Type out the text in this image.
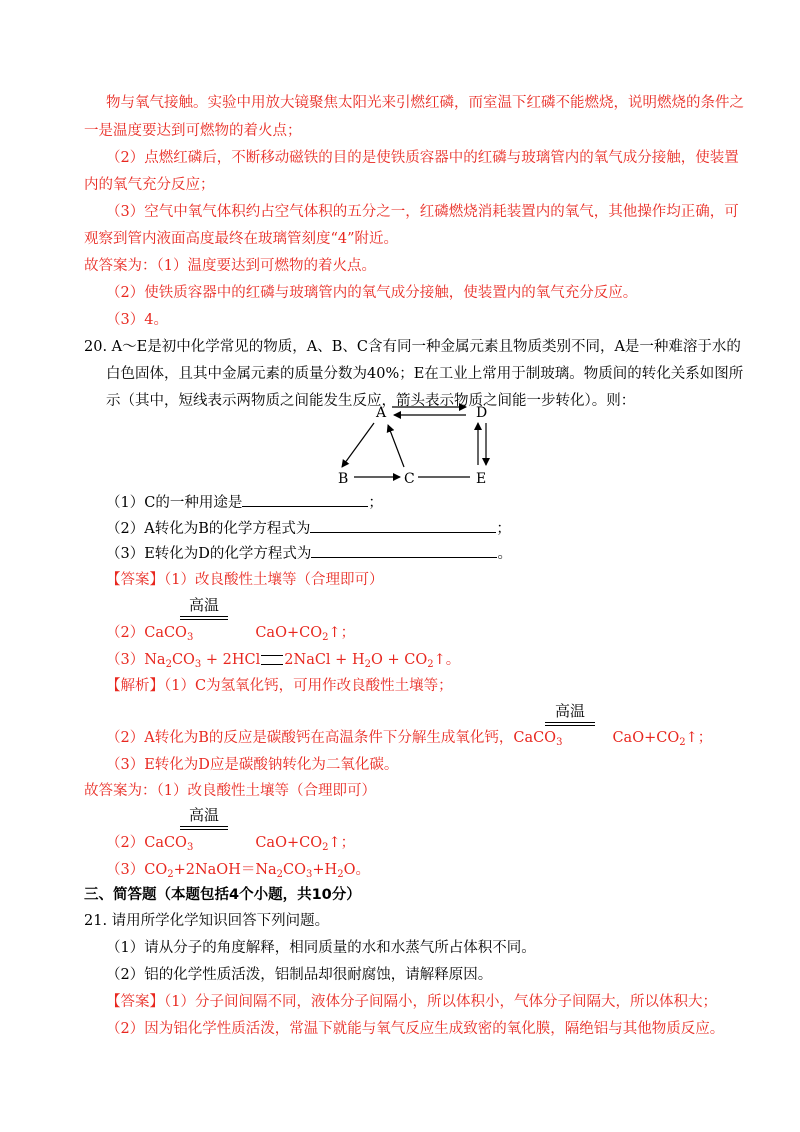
物与氧气接触。实验中用放大镜聚焦太阳光来引燃红磷，而室温下红磷不能燃烧，说明燃烧的条件之
一是温度要达到可燃物的着火点；
（2）点燃红磷后，不断移动磁铁的目的是使铁质容器中的红磷与玻璃管内的氧气成分接触，使装置
内的氧气充分反应；
（3）空气中氧气体积约占空气体积的五分之一，红磷燃烧消耗装置内的氧气，其他操作均正确，可
观察到管内液面高度最终在玻璃管刻度“4”附近。
故答案为：（1）温度要达到可燃物的着火点。
（2）使铁质容器中的红磷与玻璃管内的氧气成分接触，使装置内的氧气充分反应。
（3）4。
20. A～E是初中化学常见的物质，A、B、C含有同一种金属元素且物质类别不同，A是一种难溶于水的
白色固体，且其中金属元素的质量分数为40%；E在工业上常用于制玻璃。物质间的转化关系如图所
示（其中，短线表示两物质之间能发生反应，箭头表示物质之间能一步转化）。则：
A	D
B	C	E
（1）C的一种用途是	；
（2）A转化为B的化学方程式为	；
（3）E转化为D的化学方程式为	。
【答案】（1）改良酸性土壤等（合理即可）
高温
（2）CaCO$_3$	$CaO+CO_2↑$；
$(3)Na_2CO_3 + 2HCl$ 2NaCl + $H_2O$ + $CO_2↑$。
【解析】（1）C为氢氧化钙，可用作改良酸性土壤等；
高温
（2）A转化为B的反应是碳酸钙在高温条件下分解生成氧化钙，CaCO$_3$	$CaO+CO_2↑$；
（3）E转化为D应是碳酸钠转化为二氧化碳。
故答案为：（1）改良酸性土壤等（合理即可）
高温
（2）CaCO$_3$	$CaO+CO_2↑$；
$(3)CO_2+2NaOH=Na_2CO_3+H_2O$。
三、简答题（本题包括4个小题，共10分）
21. 请用所学化学知识回答下列问题。
（1）请从分子的角度解释，相同质量的水和水蒸气所占体积不同。
（2）铝的化学性质活泼，铝制品却很耐腐蚀，请解释原因。
【答案】（1）分子间间隔不同，液体分子间隔小，所以体积小，气体分子间隔大，所以体积大；
（2）因为铝化学性质活泼，常温下就能与氧气反应生成致密的氧化膜，隔绝铝与其他物质反应。
